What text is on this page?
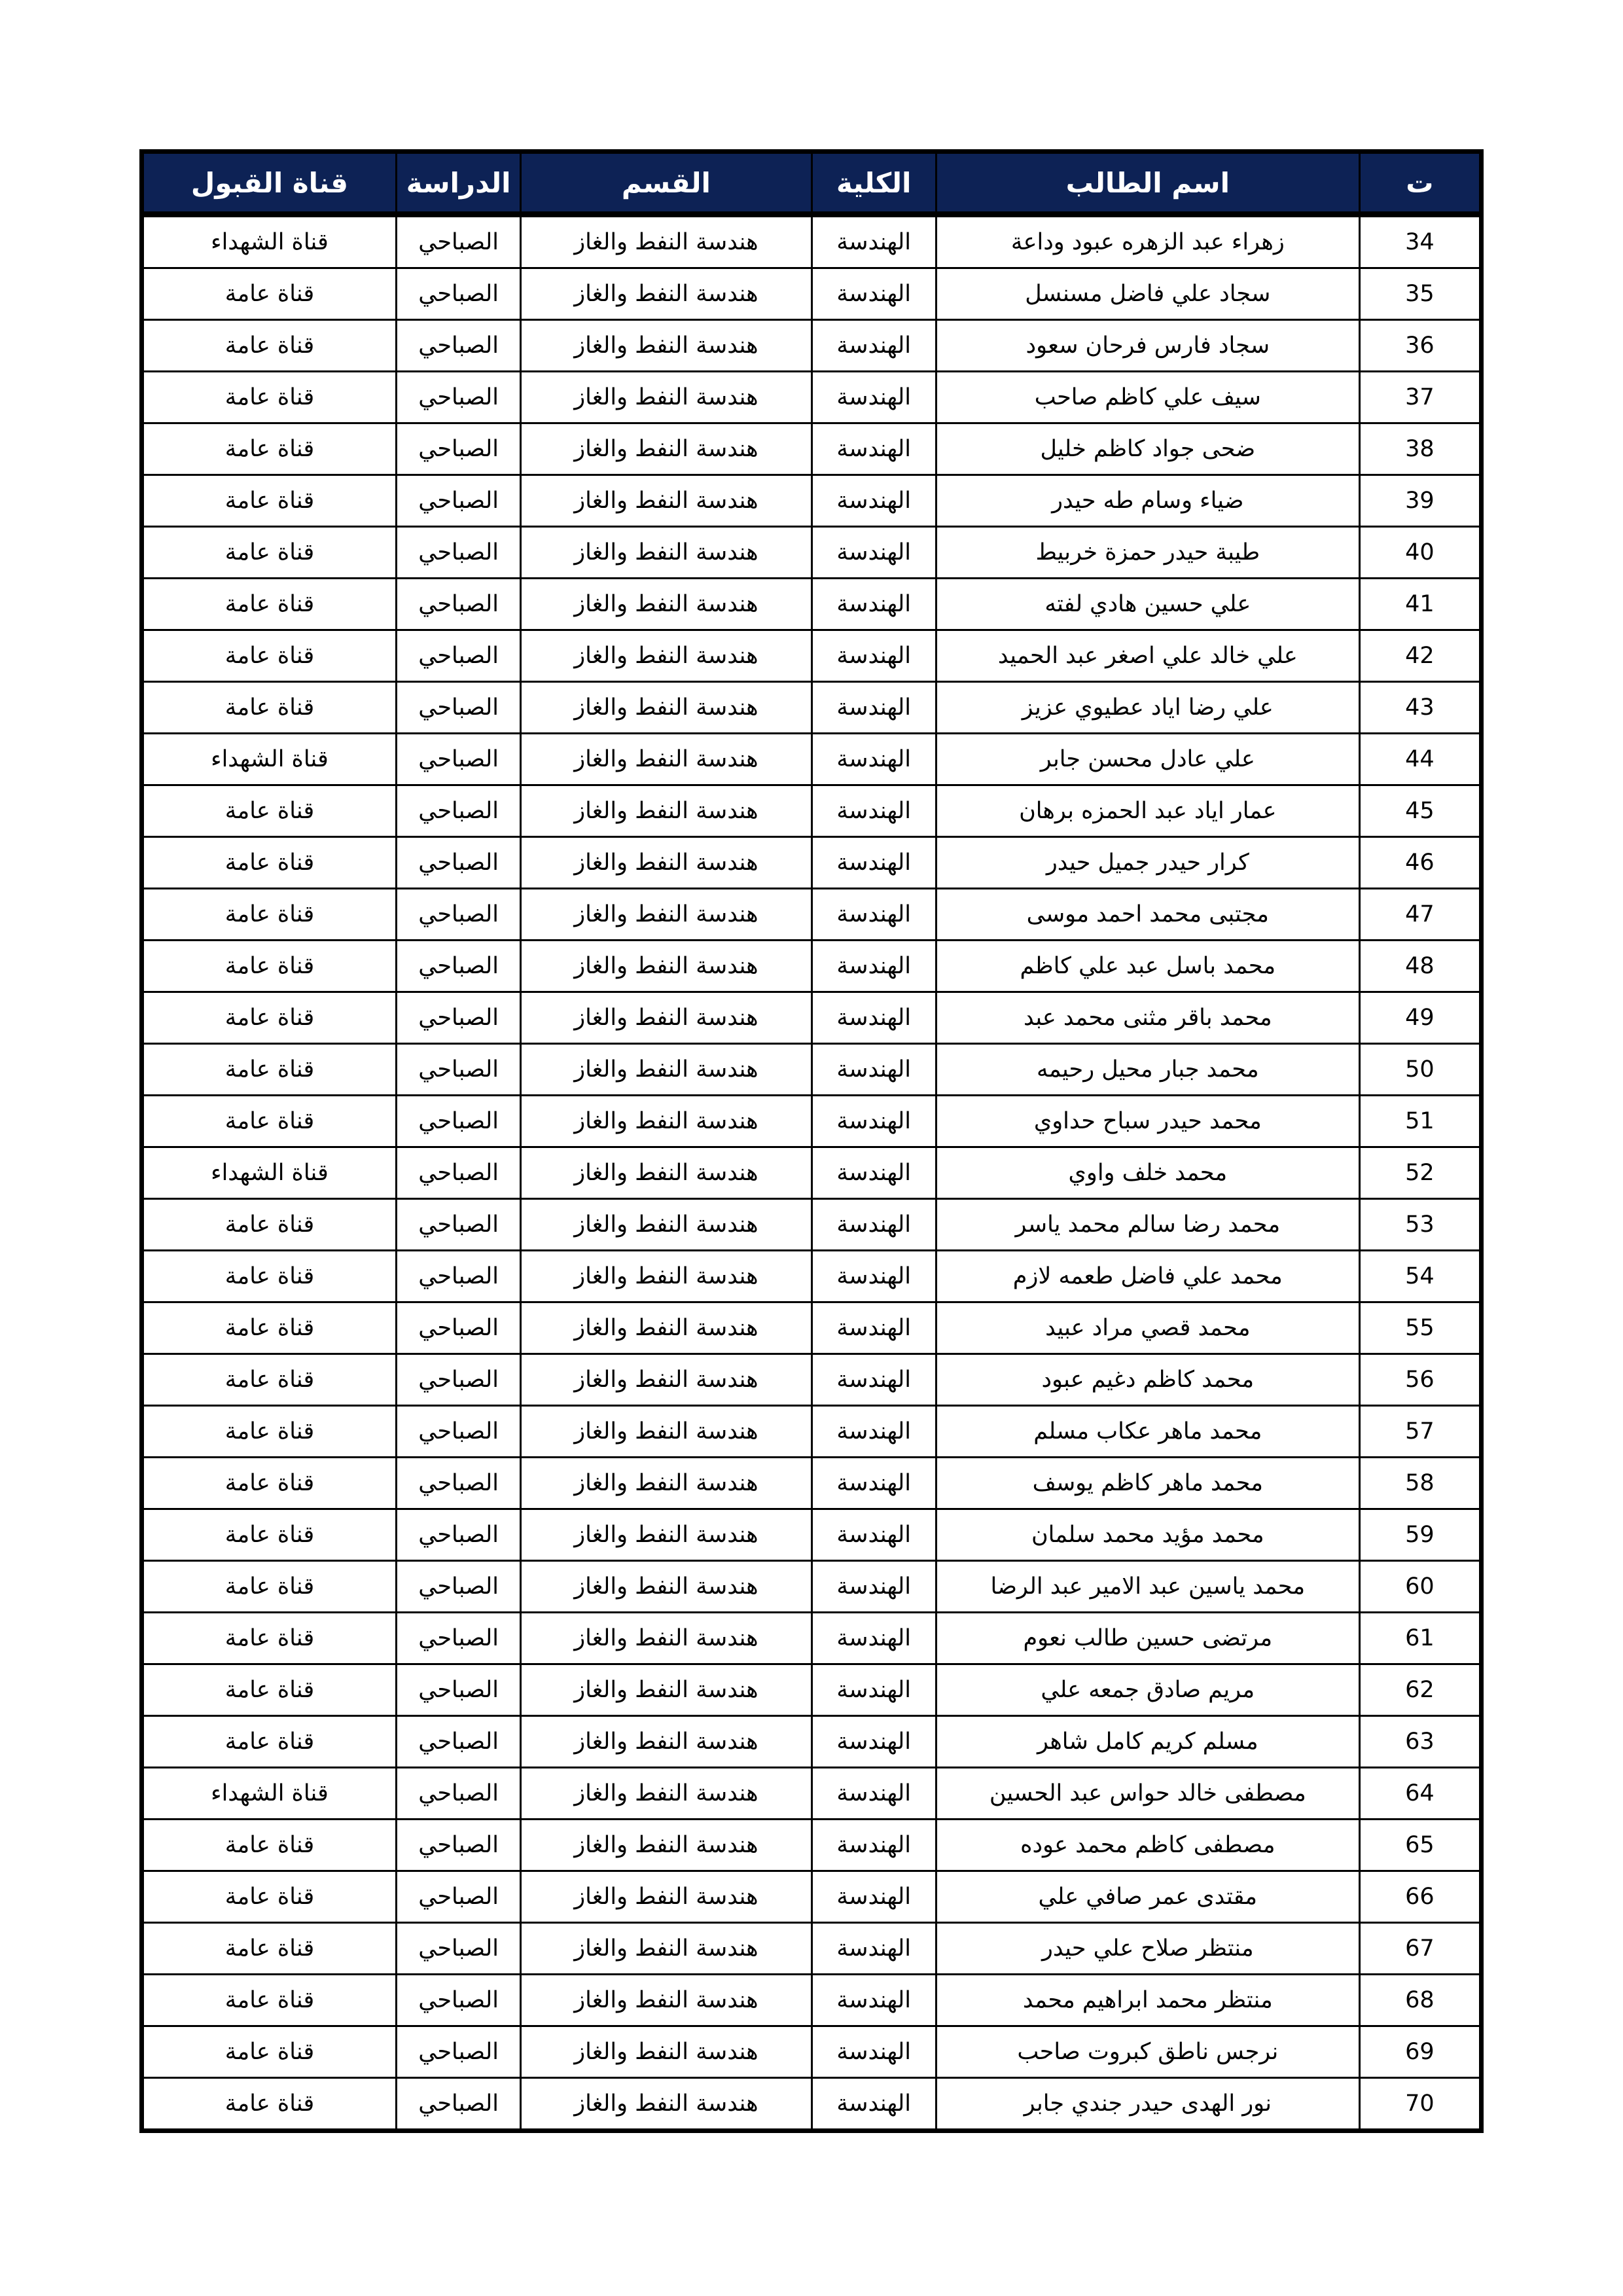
ت	اسم الطالب	الكلية	القسم	الدراسة	قناة القبول
34	زهراء عبد الزهره عبود وداعة	الهندسة	هندسة النفط والغاز	الصباحي	قناة الشهداء
35	سجاد علي فاضل مسنسل	الهندسة	هندسة النفط والغاز	الصباحي	قناة عامة
36	سجاد فارس فرحان سعود	الهندسة	هندسة النفط والغاز	الصباحي	قناة عامة
37	سيف علي كاظم صاحب	الهندسة	هندسة النفط والغاز	الصباحي	قناة عامة
38	ضحى جواد كاظم خليل	الهندسة	هندسة النفط والغاز	الصباحي	قناة عامة
39	ضياء وسام طه حيدر	الهندسة	هندسة النفط والغاز	الصباحي	قناة عامة
40	طيبة حيدر حمزة خربيط	الهندسة	هندسة النفط والغاز	الصباحي	قناة عامة
41	علي حسين هادي لفته	الهندسة	هندسة النفط والغاز	الصباحي	قناة عامة
42	علي خالد علي اصغر عبد الحميد	الهندسة	هندسة النفط والغاز	الصباحي	قناة عامة
43	علي رضا اياد عطيوي عزيز	الهندسة	هندسة النفط والغاز	الصباحي	قناة عامة
44	علي عادل محسن جابر	الهندسة	هندسة النفط والغاز	الصباحي	قناة الشهداء
45	عمار اياد عبد الحمزه برهان	الهندسة	هندسة النفط والغاز	الصباحي	قناة عامة
46	كرار حيدر جميل حيدر	الهندسة	هندسة النفط والغاز	الصباحي	قناة عامة
47	مجتبى محمد احمد موسى	الهندسة	هندسة النفط والغاز	الصباحي	قناة عامة
48	محمد باسل عبد علي كاظم	الهندسة	هندسة النفط والغاز	الصباحي	قناة عامة
49	محمد باقر مثنى محمد عبد	الهندسة	هندسة النفط والغاز	الصباحي	قناة عامة
50	محمد جبار محيل رحيمه	الهندسة	هندسة النفط والغاز	الصباحي	قناة عامة
51	محمد حيدر سباح حداوي	الهندسة	هندسة النفط والغاز	الصباحي	قناة عامة
52	محمد خلف واوي	الهندسة	هندسة النفط والغاز	الصباحي	قناة الشهداء
53	محمد رضا سالم محمد ياسر	الهندسة	هندسة النفط والغاز	الصباحي	قناة عامة
54	محمد علي فاضل طعمه لازم	الهندسة	هندسة النفط والغاز	الصباحي	قناة عامة
55	محمد قصي مراد عبيد	الهندسة	هندسة النفط والغاز	الصباحي	قناة عامة
56	محمد كاظم دغيم عبود	الهندسة	هندسة النفط والغاز	الصباحي	قناة عامة
57	محمد ماهر عكاب مسلم	الهندسة	هندسة النفط والغاز	الصباحي	قناة عامة
58	محمد ماهر كاظم يوسف	الهندسة	هندسة النفط والغاز	الصباحي	قناة عامة
59	محمد مؤيد محمد سلمان	الهندسة	هندسة النفط والغاز	الصباحي	قناة عامة
60	محمد ياسين عبد الامير عبد الرضا	الهندسة	هندسة النفط والغاز	الصباحي	قناة عامة
61	مرتضى حسين طالب نعوم	الهندسة	هندسة النفط والغاز	الصباحي	قناة عامة
62	مريم صادق جمعه علي	الهندسة	هندسة النفط والغاز	الصباحي	قناة عامة
63	مسلم كريم كامل شاهر	الهندسة	هندسة النفط والغاز	الصباحي	قناة عامة
64	مصطفى خالد حواس عبد الحسين	الهندسة	هندسة النفط والغاز	الصباحي	قناة الشهداء
65	مصطفى كاظم محمد عوده	الهندسة	هندسة النفط والغاز	الصباحي	قناة عامة
66	مقتدى عمر صافي علي	الهندسة	هندسة النفط والغاز	الصباحي	قناة عامة
67	منتظر صلاح علي حيدر	الهندسة	هندسة النفط والغاز	الصباحي	قناة عامة
68	منتظر محمد ابراهيم محمد	الهندسة	هندسة النفط والغاز	الصباحي	قناة عامة
69	نرجس ناطق كبروت صاحب	الهندسة	هندسة النفط والغاز	الصباحي	قناة عامة
70	نور الهدى حيدر جندي جابر	الهندسة	هندسة النفط والغاز	الصباحي	قناة عامة
